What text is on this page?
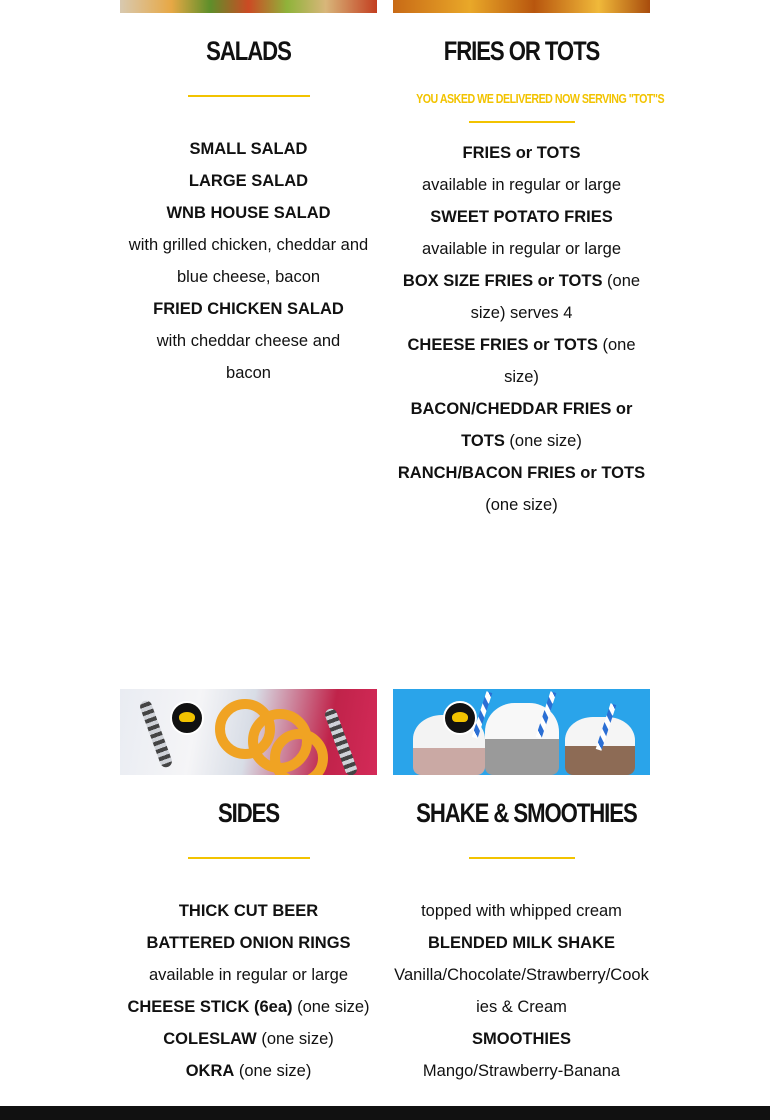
SALADS

SMALL SALAD

LARGE SALAD

WNB HOUSE SALAD

with grilled chicken, cheddar and blue cheese, bacon

FRIED CHICKEN SALAD

with cheddar cheese and bacon

FRIES OR TOTS
YOU ASKED WE DELIVERED NOW SERVING "TOT"S

FRIES or TOTS

available in regular or large

SWEET POTATO FRIES

available in regular or large

BOX SIZE FRIES or TOTS (one size) serves 4

CHEESE FRIES or TOTS (one size)

BACON/CHEDDAR FRIES or TOTS (one size)

RANCH/BACON FRIES or TOTS (one size)

SIDES

THICK CUT BEER BATTERED ONION RINGS

available in regular or large

CHEESE STICK (6ea) (one size)

COLESLAW (one size)

OKRA (one size)

SHAKE & SMOOTHIES

topped with whipped cream

BLENDED MILK SHAKE

Vanilla/Chocolate/Strawberry/Cookies & Cream

SMOOTHIES

Mango/Strawberry-Banana
